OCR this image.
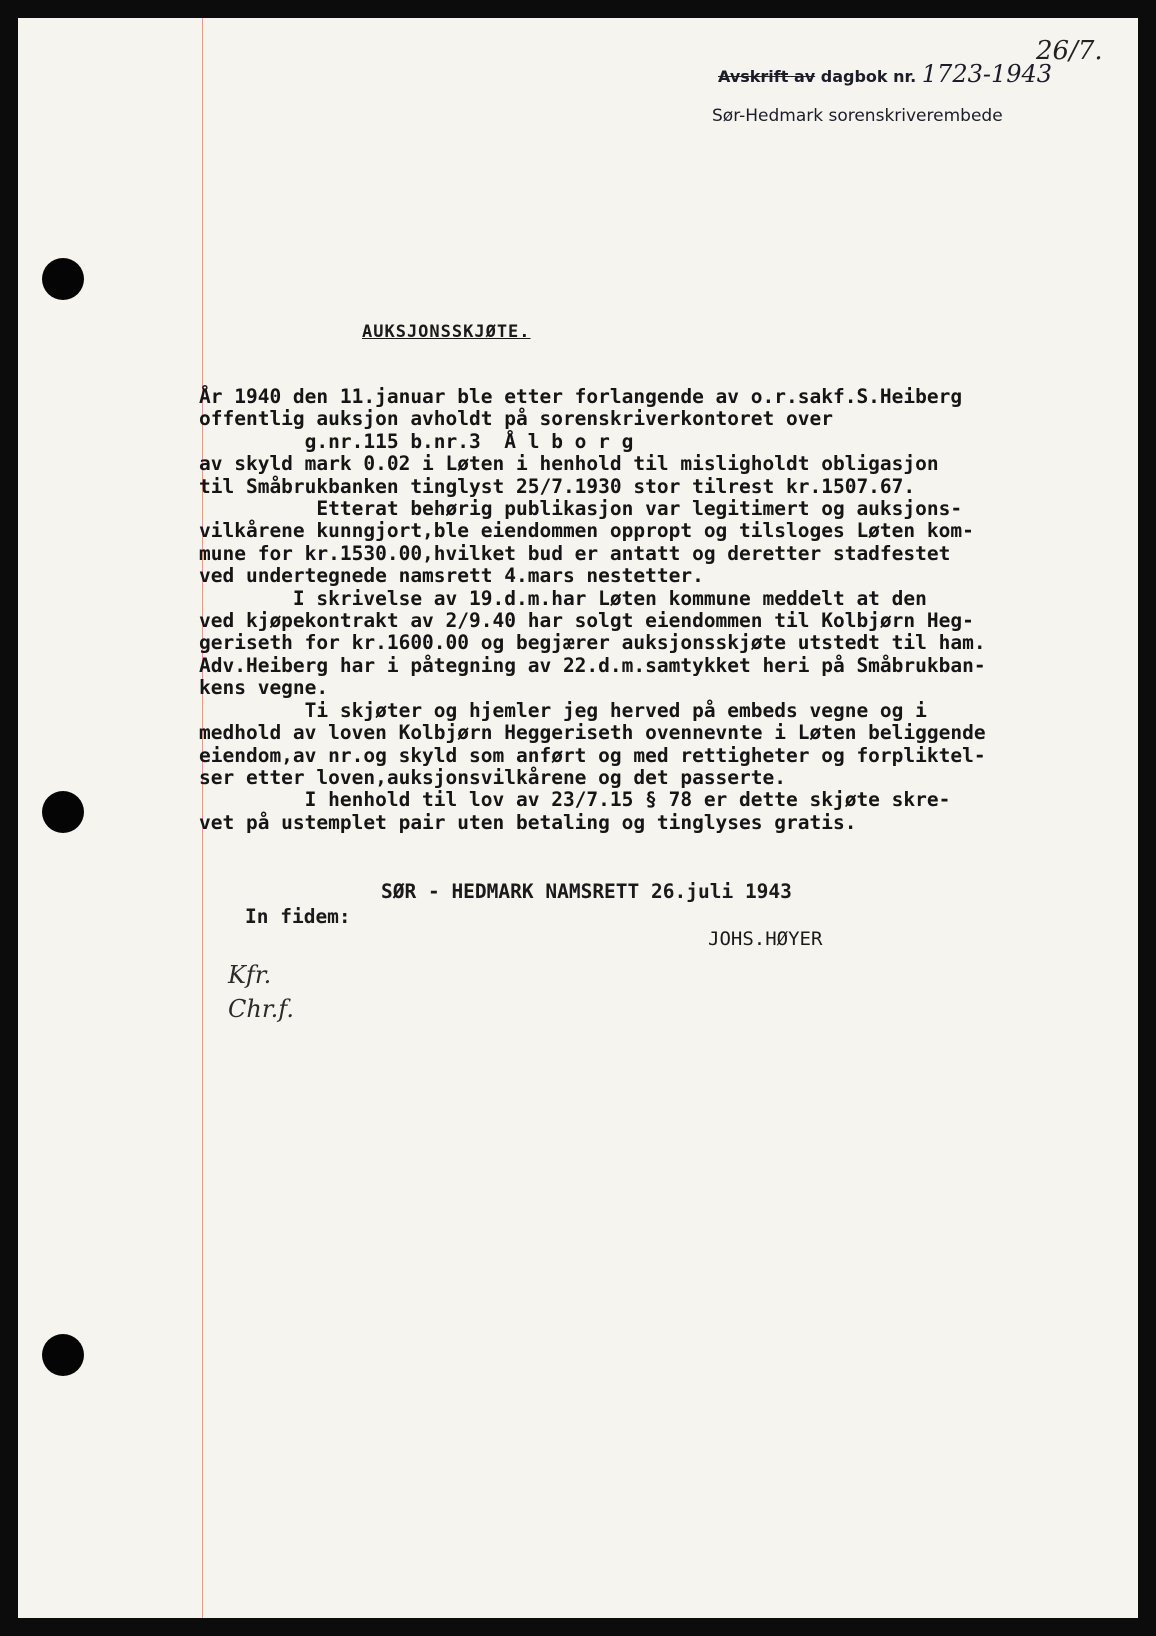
Avskrift av dagbok nr. 1723-1943
Sør-Hedmark sorenskriverembede
26/7.
AUKSJONSSKJØTE.
År 1940 den 11.januar ble etter forlangende av o.r.sakf.S.Heiberg
offentlig auksjon avholdt på sorenskriverkontoret over
g.nr.115 b.nr.3  Å l b o r g
av skyld mark 0.02 i Løten i henhold til misligholdt obligasjon
til Småbrukbanken tinglyst 25/7.1930 stor tilrest kr.1507.67.
Etterat behørig publikasjon var legitimert og auksjons-
vilkårene kunngjort,ble eiendommen oppropt og tilsloges Løten kom-
mune for kr.1530.00,hvilket bud er antatt og deretter stadfestet
ved undertegnede namsrett 4.mars nestetter.
I skrivelse av 19.d.m.har Løten kommune meddelt at den
ved kjøpekontrakt av 2/9.40 har solgt eiendommen til Kolbjørn Heg-
geriseth for kr.1600.00 og begjærer auksjonsskjøte utstedt til ham.
Adv.Heiberg har i påtegning av 22.d.m.samtykket heri på Småbrukban-
kens vegne.
Ti skjøter og hjemler jeg herved på embeds vegne og i
medhold av loven Kolbjørn Heggeriseth ovennevnte i Løten beliggende
eiendom,av nr.og skyld som anført og med rettigheter og forpliktel-
ser etter loven,auksjonsvilkårene og det passerte.
I henhold til lov av 23/7.15 § 78 er dette skjøte skre-
vet på ustemplet pair uten betaling og tinglyses gratis.
SØR - HEDMARK NAMSRETT 26.juli 1943
In fidem:
JOHS.HØYER
Kfr.
Chr.f.
